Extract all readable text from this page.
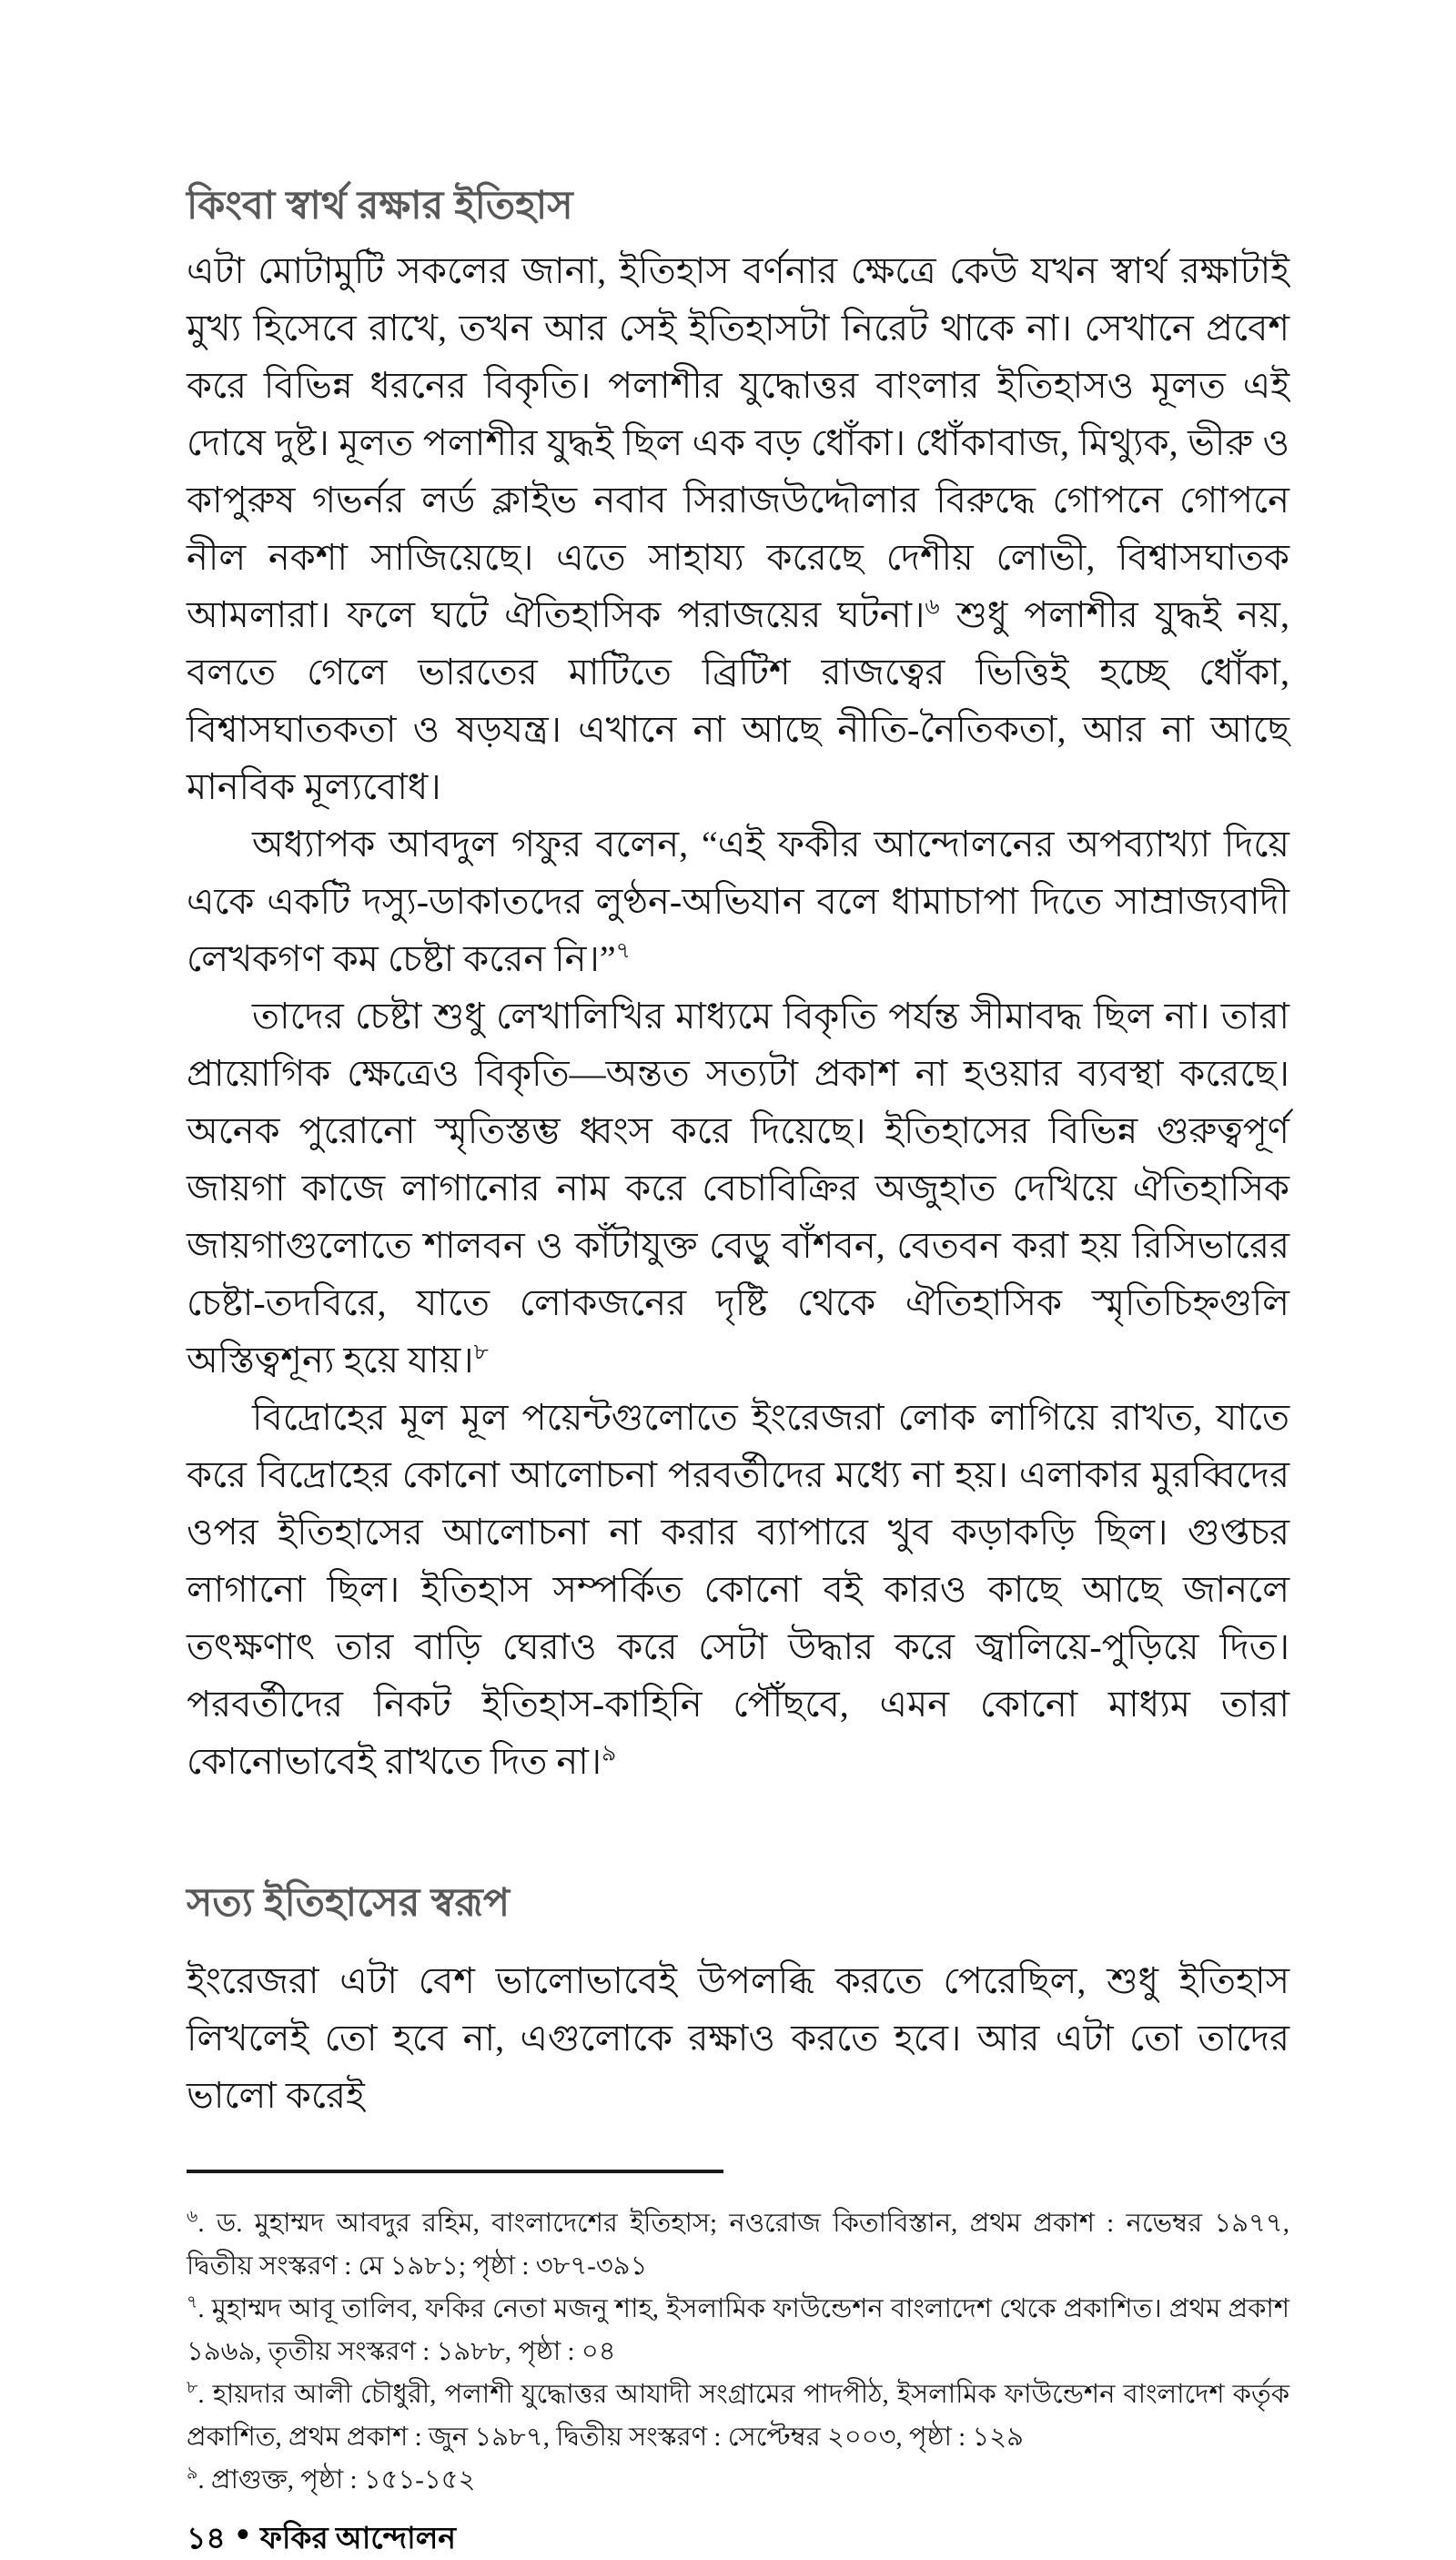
কিংবা স্বার্থ রক্ষার ইতিহাস

এটা মোটামুটি সকলের জানা, ইতিহাস বর্ণনার ক্ষেত্রে কেউ যখন স্বার্থ রক্ষাটাই মুখ্য হিসেবে রাখে, তখন আর সেই ইতিহাসটা নিরেট থাকে না। সেখানে প্রবেশ করে বিভিন্ন ধরনের বিকৃতি। পলাশীর যুদ্ধোত্তর বাংলার ইতিহাসও মূলত এই দোষে দুষ্ট। মূলত পলাশীর যুদ্ধই ছিল এক বড় ধোঁকা। ধোঁকাবাজ, মিথ্যুক, ভীরু ও কাপুরুষ গভর্নর লর্ড ক্লাইভ নবাব সিরাজউদ্দৌলার বিরুদ্ধে গোপনে গোপনে নীল নকশা সাজিয়েছে। এতে সাহায্য করেছে দেশীয় লোভী, বিশ্বাসঘাতক আমলারা। ফলে ঘটে ঐতিহাসিক পরাজয়ের ঘটনা।$^৬$ শুধু পলাশীর যুদ্ধই নয়, বলতে গেলে ভারতের মাটিতে ব্রিটিশ রাজত্বের ভিত্তিই হচ্ছে ধোঁকা, বিশ্বাসঘাতকতা ও ষড়যন্ত্র। এখানে না আছে নীতি-নৈতিকতা, আর না আছে মানবিক মূল্যবোধ।

অধ্যাপক আবদুল গফুর বলেন, “এই ফকীর আন্দোলনের অপব্যাখ্যা দিয়ে একে একটি দস্যু-ডাকাতদের লুণ্ঠন-অভিযান বলে ধামাচাপা দিতে সাম্রাজ্যবাদী লেখকগণ কম চেষ্টা করেন নি।”$^৭$

তাদের চেষ্টা শুধু লেখালিখির মাধ্যমে বিকৃতি পর্যন্ত সীমাবদ্ধ ছিল না। তারা প্রায়োগিক ক্ষেত্রেও বিকৃতি—অন্তত সত্যটা প্রকাশ না হওয়ার ব্যবস্থা করেছে। অনেক পুরোনো স্মৃতিস্তম্ভ ধ্বংস করে দিয়েছে। ইতিহাসের বিভিন্ন গুরুত্বপূর্ণ জায়গা কাজে লাগানোর নাম করে বেচাবিক্রির অজুহাত দেখিয়ে ঐতিহাসিক জায়গাগুলোতে শালবন ও কাঁটাযুক্ত বেড়ু বাঁশবন, বেতবন করা হয় রিসিভারের চেষ্টা-তদবিরে, যাতে লোকজনের দৃষ্টি থেকে ঐতিহাসিক স্মৃতিচিহ্নগুলি অস্তিত্বশূন্য হয়ে যায়।$^৮$

বিদ্রোহের মূল মূল পয়েন্টগুলোতে ইংরেজরা লোক লাগিয়ে রাখত, যাতে করে বিদ্রোহের কোনো আলোচনা পরবর্তীদের মধ্যে না হয়। এলাকার মুরব্বিদের ওপর ইতিহাসের আলোচনা না করার ব্যাপারে খুব কড়াকড়ি ছিল। গুপ্তচর লাগানো ছিল। ইতিহাস সম্পর্কিত কোনো বই কারও কাছে আছে জানলে তৎক্ষণাৎ তার বাড়ি ঘেরাও করে সেটা উদ্ধার করে জ্বালিয়ে-পুড়িয়ে দিত। পরবর্তীদের নিকট ইতিহাস-কাহিনি পৌঁছবে, এমন কোনো মাধ্যম তারা কোনোভাবেই রাখতে দিত না।$^৯$

সত্য ইতিহাসের স্বরূপ

ইংরেজরা এটা বেশ ভালোভাবেই উপলব্ধি করতে পেরেছিল, শুধু ইতিহাস লিখলেই তো হবে না, এগুলোকে রক্ষাও করতে হবে। আর এটা তো তাদের ভালো করেই

$^৬$. ড. মুহাম্মদ আবদুর রহিম, বাংলাদেশের ইতিহাস; নওরোজ কিতাবিস্তান, প্রথম প্রকাশ : নভেম্বর ১৯৭৭, দ্বিতীয় সংস্করণ : মে ১৯৮১; পৃষ্ঠা : ৩৮৭-৩৯১

$^৭$. মুহাম্মদ আবূ তালিব, ফকির নেতা মজনু শাহ, ইসলামিক ফাউন্ডেশন বাংলাদেশ থেকে প্রকাশিত। প্রথম প্রকাশ ১৯৬৯, তৃতীয় সংস্করণ : ১৯৮৮, পৃষ্ঠা : ০৪

$^৮$. হায়দার আলী চৌধুরী, পলাশী যুদ্ধোত্তর আযাদী সংগ্রামের পাদপীঠ, ইসলামিক ফাউন্ডেশন বাংলাদেশ কর্তৃক প্রকাশিত, প্রথম প্রকাশ : জুন ১৯৮৭, দ্বিতীয় সংস্করণ : সেপ্টেম্বর ২০০৩, পৃষ্ঠা : ১২৯

$^৯$. প্রাগুক্ত, পৃষ্ঠা : ১৫১-১৫২

১৪ • ফকির আন্দোলন
